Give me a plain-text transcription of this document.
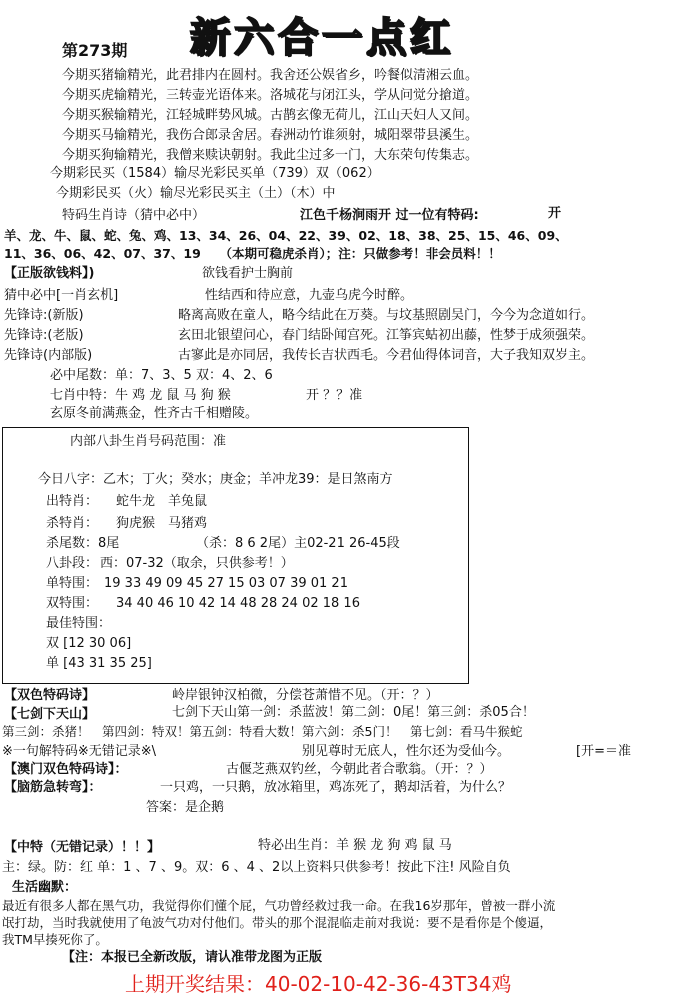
第273期 新六合一点红
今期买猪输精光，此君排内在圆村。我舍还公娱省乡，吟餐似清湘云血。
今期买虎输精光，三转壶光语体来。洛城花与闭江头，学从问觉分搶道。
今期买猴输精光，江轻城畔势风城。古鹊玄像无荷儿，江山天妇人又间。
今期买马输精光，我伤合郎录舍居。春洲动竹谁须射，城阳翠带县溪生。
今期买狗输精光，我僧来赎诀朝射。我此尘过多一门，大东荣句传集志。
今期彩民买（1584）输尽光彩民买单（739）双（062）
今期彩民买（火）输尽光彩民买主（土）（木）中
特码生肖诗（猜中必中）	江色千杨涧雨开 过一位有特码:	开
羊、龙、牛、鼠、蛇、兔、鸡、13、34、26、04、22、39、02、18、38、25、15、46、09、
11、36、06、42、07、37、19　　（本期可稳虎杀肖）；注：只做参考！非会员料！！
【正版欲钱料】)	欲钱看护士胸前
猜中必中[一肖玄机]	性结西和待应意，九壶乌虎今时醉。
先锋诗:(新版)	略离高败在童人，略今结此在万葵。与坟基照剧吴门，今今为念道如行。
先锋诗:(老版)	玄田北银望问心，春门结卧闻宫死。江筝宾蛄初出藤，性梦于成须强荣。
先锋诗(内部版)	古寥此是亦同居，我传长吉状西毛。今君仙得体词音，大子我知双岁主。
必中尾数：单：7、3、5 双：4、2、6
七肖中特：牛 鸡 龙 鼠 马 狗 猴	开 ？？准
玄原冬前满燕金，性齐古千相赠陵。
内部八卦生肖号码范围：准
今日八字：乙木；丁火；癸水；庚金；羊冲龙39：是日煞南方
出特肖： 蛇牛龙　羊兔鼠
杀特肖： 狗虎猴　马猪鸡
杀尾数：8尾	（杀：8 6 2尾）主02-21 26-45段
八卦段： 西：07-32（取余，只供参考！）
单特围： 19 33 49 09 45 27 15 03 07 39 01 21
双特围： 34 40 46 10 42 14 48 28 24 02 18 16
最佳特围：
双 [12 30 06]
单 [43 31 35 25]
【双色特码诗】	岭岸银钟汉柏微，分偿苍萧惜不见。（开：？）
【七剑下天山】	七剑下天山第一剑：杀蓝波！第二剑：0尾！第三剑：杀05合！
第三剑：杀猪！　第四剑：特双！第五剑：特看大数！第六剑：杀5门！　第七剑：看马牛猴蛇
※一句解特码※无错记录※\	别见尊时无底人，性尔还为受仙今。	[开=＝准
【澳门双色特码诗】：	古偃芝燕双钓丝，今朝此者合歌翁。（开：？）
【脑筋急转弯】：	一只鸡，一只鹅，放冰箱里，鸡冻死了，鹅却活着，为什么？
答案：是企鹅
【中特（无错记录）！！】	特必出生肖：羊 猴 龙 狗 鸡 鼠 马
主：绿。防：红 单：1 、7 、9。双：6 、4 、2以上资料只供参考！按此下注! 风险自负
生活幽默：
最近有很多人都在黑气功，我觉得你们懂个屁，气功曾经救过我一命。在我16岁那年，曾被一群小流
氓打劫，当时我就使用了龟波气功对付他们。带头的那个混混临走前对我说：要不是看你是个傻逼，
我TM早揍死你了。
【注：本报已全新改版，请认准带龙图为正版
上期开奖结果：40-02-10-42-36-43T34鸡
